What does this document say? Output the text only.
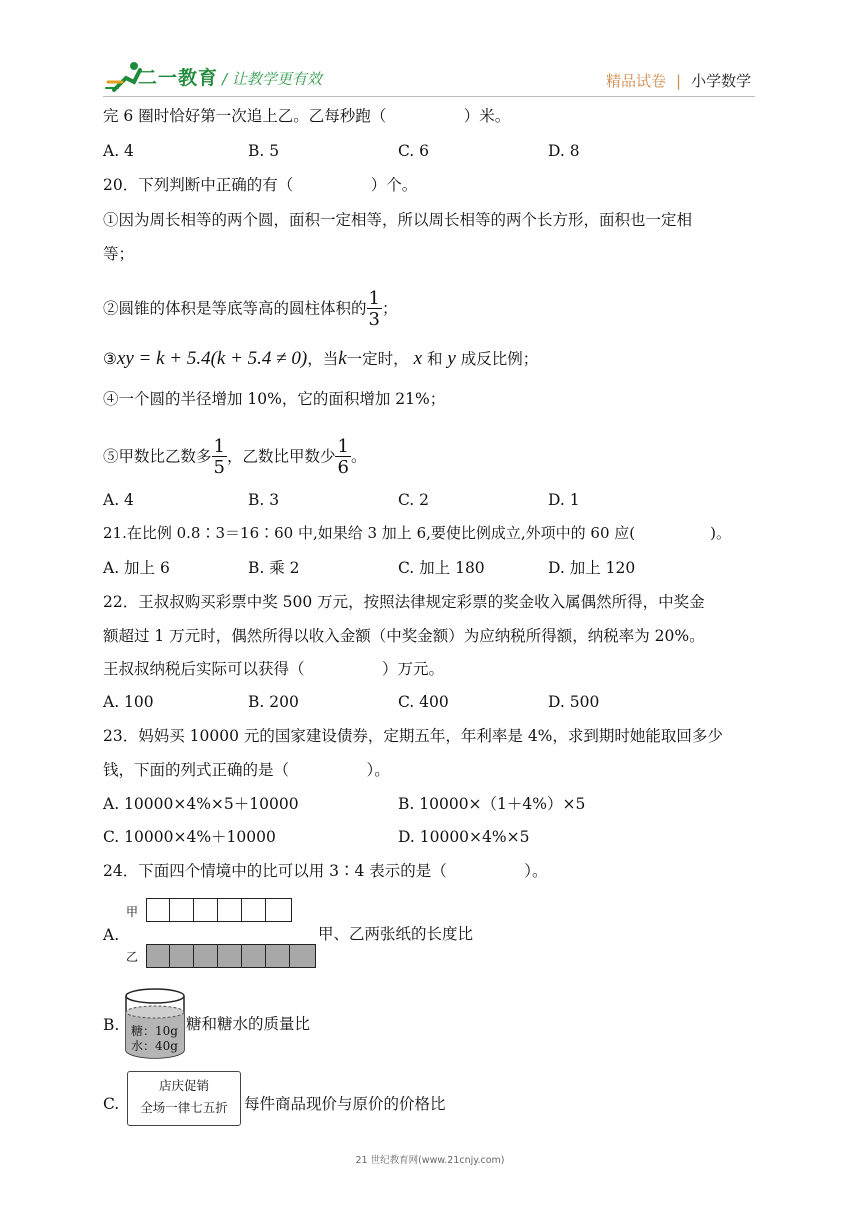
二一教育 / 让教学更有效	精品试卷 | 小学数学
完 6 圈时恰好第一次追上乙。乙每秒跑（　　　　　）米。
A. 4	B. 5	C. 6	D. 8
20．下列判断中正确的有（　　　　　）个。
①因为周长相等的两个圆，面积一定相等，所以周长相等的两个长方形，面积也一定相
等；
②圆锥的体积是等底等高的圆柱体积的 $\frac{1}{3}$ ；
③xy = k + 5.4(k + 5.4 ≠ 0)，当k一定时， x 和 y 成反比例；
④一个圆的半径增加 10%，它的面积增加 21%；
⑤甲数比乙数多 $\frac{1}{5}$ ，乙数比甲数少 $\frac{1}{6}$ 。
A. 4	B. 3	C. 2	D. 1
21.在比例 0.8∶3＝16∶60 中,如果给 3 加上 6,要使比例成立,外项中的 60 应(　　　　　)。
A. 加上 6	B. 乘 2	C. 加上 180	D. 加上 120
22．王叔叔购买彩票中奖 500 万元，按照法律规定彩票的奖金收入属偶然所得，中奖金
额超过 1 万元时，偶然所得以收入金额（中奖金额）为应纳税所得额，纳税率为 20%。
王叔叔纳税后实际可以获得（　　　　　）万元。
A. 100	B. 200	C. 400	D. 500
23．妈妈买 10000 元的国家建设债券，定期五年，年利率是 4%，求到期时她能取回多少
钱，下面的列式正确的是（　　　　　）。
A. 10000×4%×5＋10000	B. 10000×（1＋4%）×5
C. 10000×4%＋10000	D. 10000×4%×5
24．下面四个情境中的比可以用 3∶4 表示的是（　　　　　）。
A.
甲
乙
甲、乙两张纸的长度比
B. 糖：10g
水：40g
糖和糖水的质量比
C.
店庆促销
全场一律七五折	每件商品现价与原价的价格比
21 世纪教育网(www.21cnjy.com)
